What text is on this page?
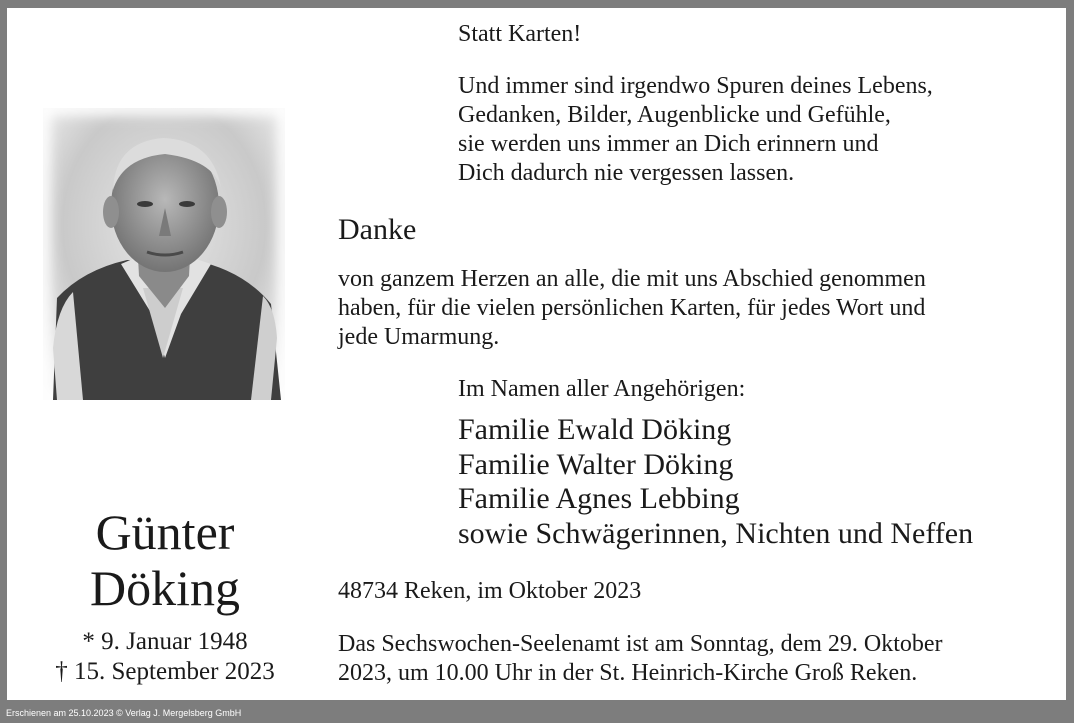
Statt Karten!
Und immer sind irgendwo Spuren deines Lebens,
Gedanken, Bilder, Augenblicke und Gefühle,
sie werden uns immer an Dich erinnern und
Dich dadurch nie vergessen lassen.
Danke
von ganzem Herzen an alle, die mit uns Abschied genommen
haben, für die vielen persönlichen Karten, für jedes Wort und
jede Umarmung.
Im Namen aller Angehörigen:
Familie Ewald Döking
Familie Walter Döking
Familie Agnes Lebbing
sowie Schwägerinnen, Nichten und Neffen
48734 Reken, im Oktober 2023
Das Sechswochen-Seelenamt ist am Sonntag, dem 29. Oktober
2023, um 10.00 Uhr in der St. Heinrich-Kirche Groß Reken.
Günter
Döking
* 9. Januar 1948
† 15. September 2023
Erschienen am 25.10.2023 © Verlag J. Mergelsberg GmbH
